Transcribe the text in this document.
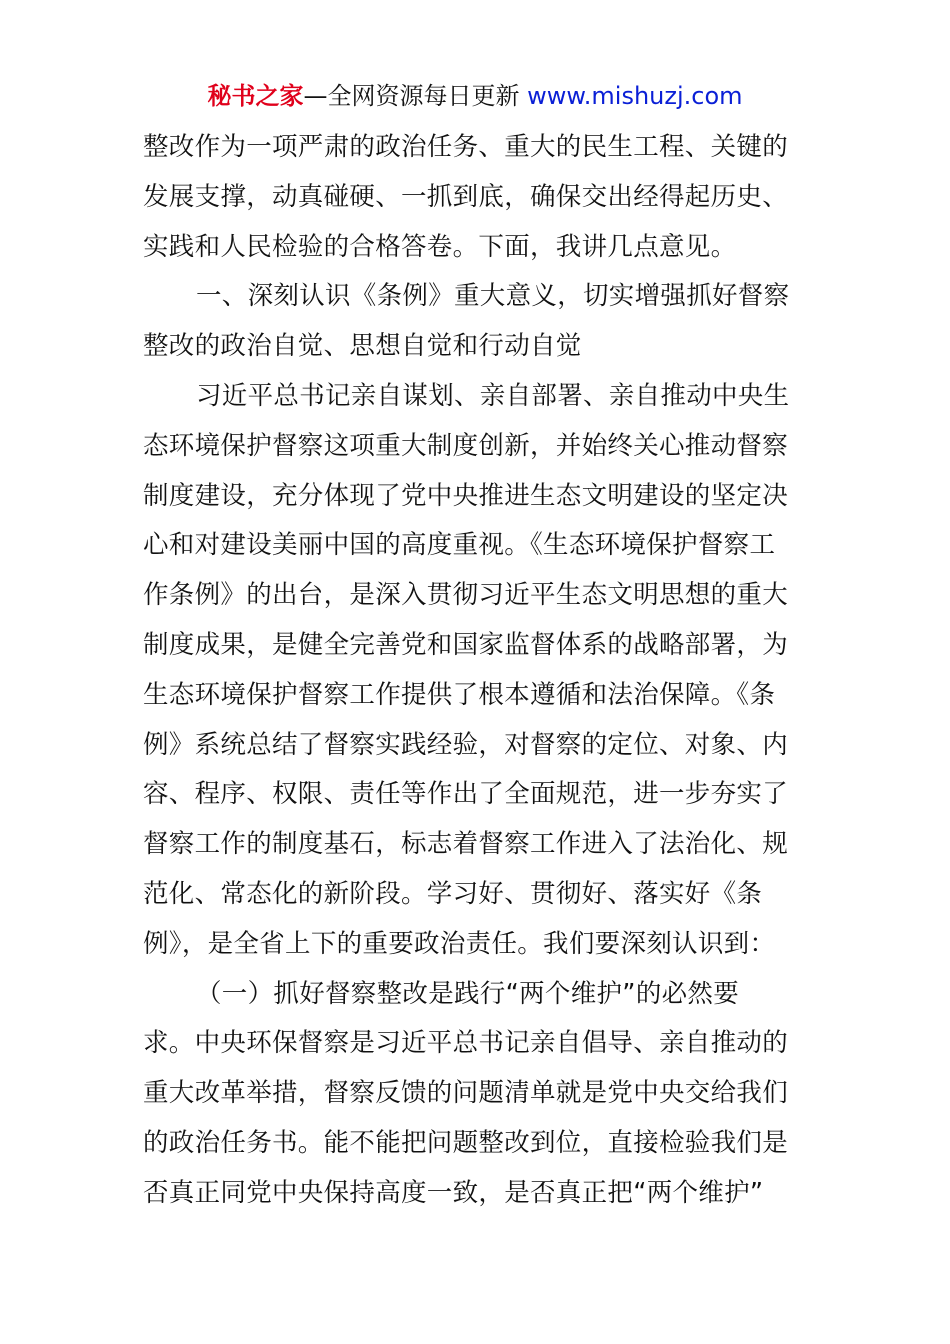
秘书之家—全网资源每日更新 www.mishuzj.com
整改作为一项严肃的政治任务、重大的民生工程、关键的
发展支撑，动真碰硬、一抓到底，确保交出经得起历史、
实践和人民检验的合格答卷。下面，我讲几点意见。
一、深刻认识《条例》重大意义，切实增强抓好督察
整改的政治自觉、思想自觉和行动自觉
习近平总书记亲自谋划、亲自部署、亲自推动中央生
态环境保护督察这项重大制度创新，并始终关心推动督察
制度建设，充分体现了党中央推进生态文明建设的坚定决
心和对建设美丽中国的高度重视。《生态环境保护督察工
作条例》的出台，是深入贯彻习近平生态文明思想的重大
制度成果，是健全完善党和国家监督体系的战略部署，为
生态环境保护督察工作提供了根本遵循和法治保障。《条
例》系统总结了督察实践经验，对督察的定位、对象、内
容、程序、权限、责任等作出了全面规范，进一步夯实了
督察工作的制度基石，标志着督察工作进入了法治化、规
范化、常态化的新阶段。学习好、贯彻好、落实好《条
例》，是全省上下的重要政治责任。我们要深刻认识到：
（一）抓好督察整改是践行“两个维护”的必然要
求。中央环保督察是习近平总书记亲自倡导、亲自推动的
重大改革举措，督察反馈的问题清单就是党中央交给我们
的政治任务书。能不能把问题整改到位，直接检验我们是
否真正同党中央保持高度一致，是否真正把“两个维护”
